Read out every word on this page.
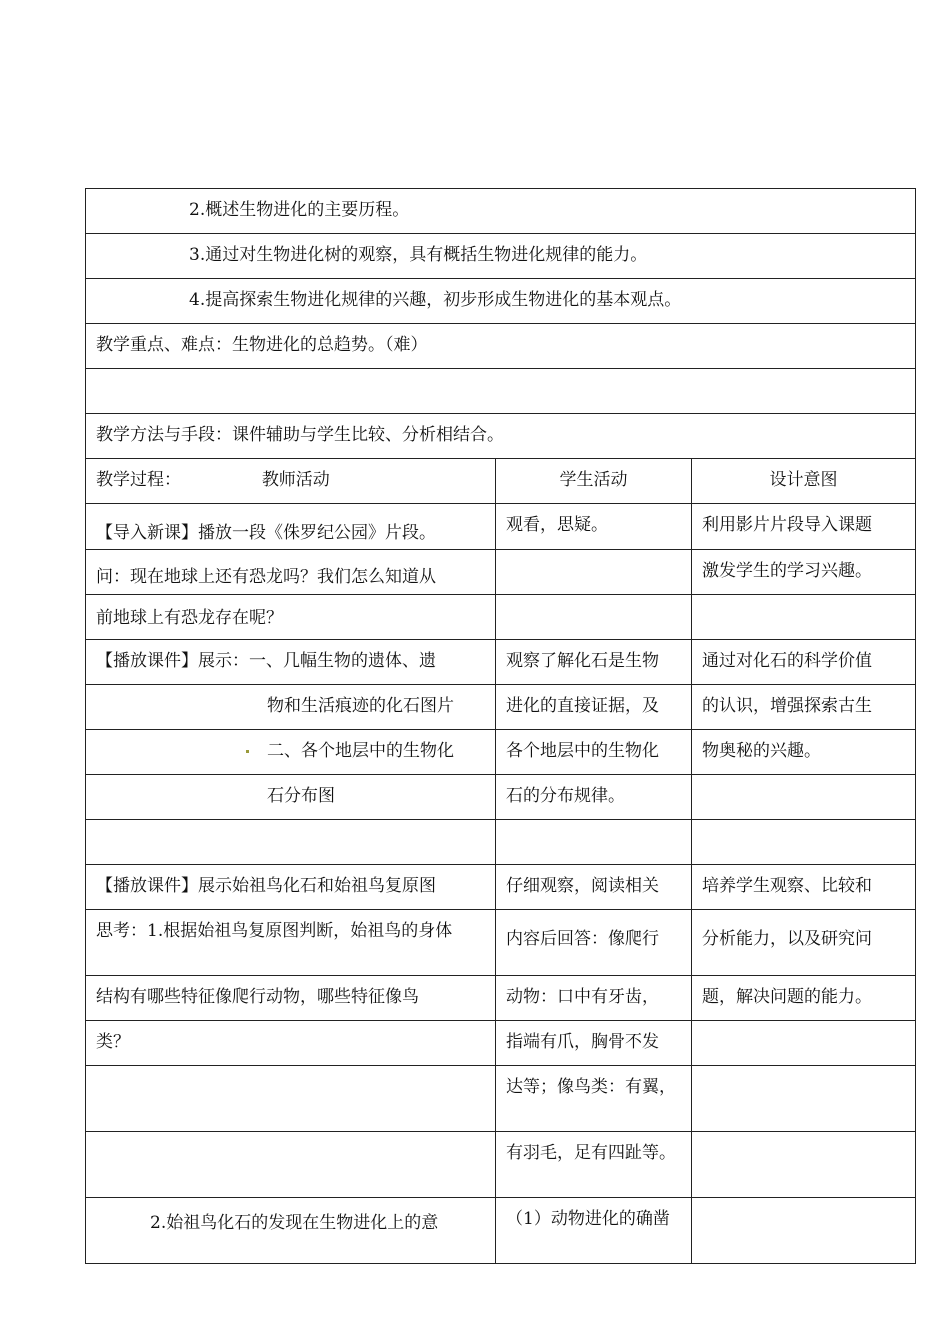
2.概述生物进化的主要历程。		
3.通过对生物进化树的观察，具有概括生物进化规律的能力。		
4.提高探索生物进化规律的兴趣，初步形成生物进化的基本观点。		
教学重点、难点：生物进化的总趋势。（难）		

教学方法与手段：课件辅助与学生比较、分析相结合。		
教学过程： 教师活动	学生活动	设计意图
【导入新课】播放一段《侏罗纪公园》片段。	观看，思疑。	利用影片片段导入课题
问：现在地球上还有恐龙吗？我们怎么知道从		激发学生的学习兴趣。
前地球上有恐龙存在呢？		
【播放课件】展示：一、几幅生物的遗体、遗	观察了解化石是生物	通过对化石的科学价值
物和生活痕迹的化石图片	进化的直接证据，及	的认识，增强探索古生
二、各个地层中的生物化	各个地层中的生物化	物奥秘的兴趣。
石分布图	石的分布规律。	

【播放课件】展示始祖鸟化石和始祖鸟复原图	仔细观察，阅读相关	培养学生观察、比较和
思考：1.根据始祖鸟复原图判断，始祖鸟的身体	内容后回答：像爬行	分析能力，以及研究问
结构有哪些特征像爬行动物，哪些特征像鸟	动物：口中有牙齿，	题，解决问题的能力。
类？	指端有爪，胸骨不发	
	达等；像鸟类：有翼，	
	有羽毛，足有四趾等。	
2.始祖鸟化石的发现在生物进化上的意	（1）动物进化的确凿	
